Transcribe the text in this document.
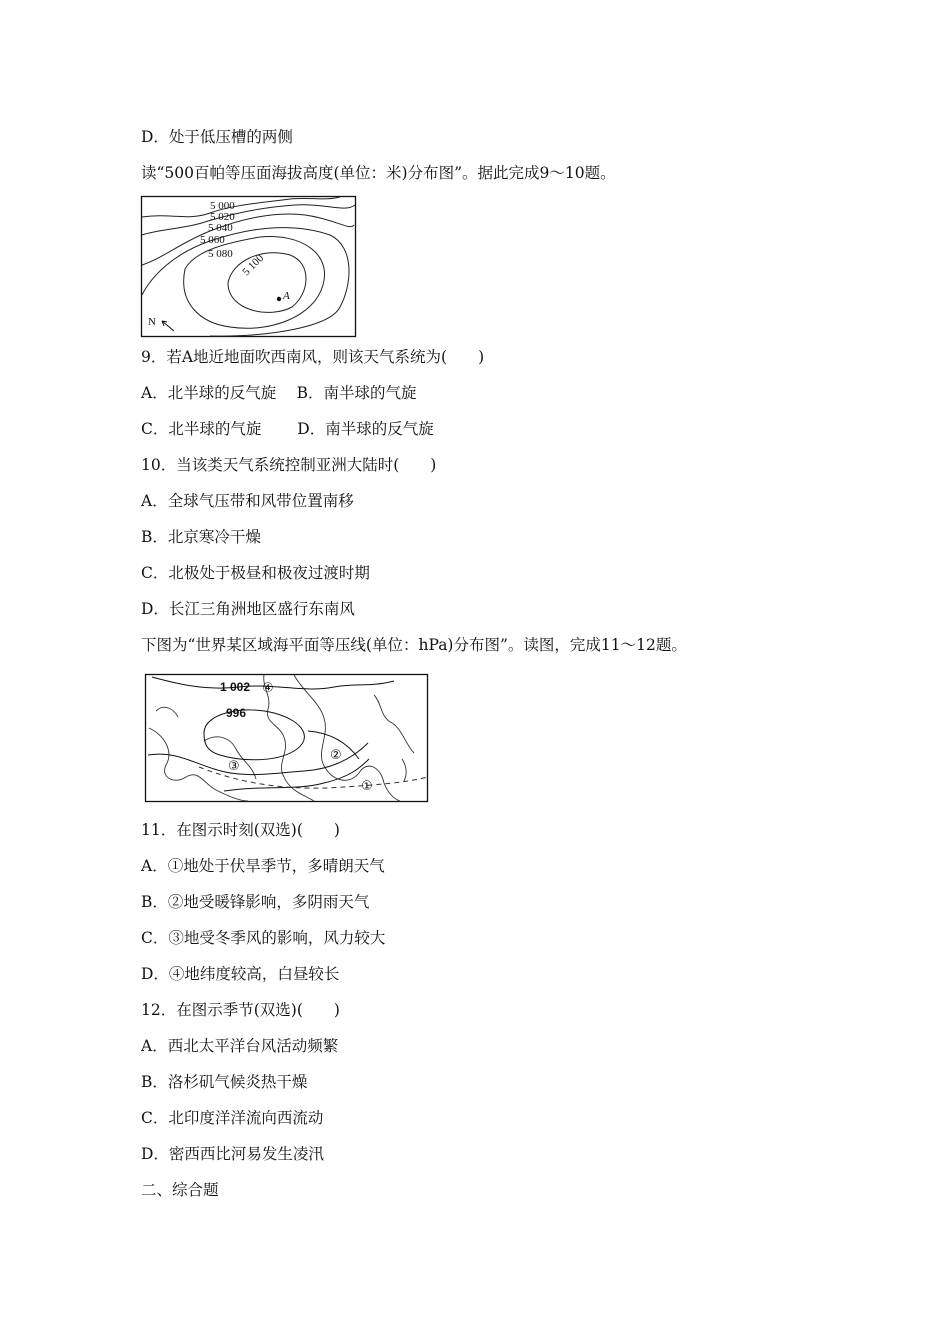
D．处于低压槽的两侧
读“500百帕等压面海拔高度(单位：米)分布图”。据此完成9～10题。
9．若A地近地面吹西南风，则该天气系统为(　　)
A．北半球的反气旋　 B．南半球的气旋
C．北半球的气旋　　 D．南半球的反气旋
10．当该类天气系统控制亚洲大陆时(　　)
A．全球气压带和风带位置南移
B．北京寒冷干燥
C．北极处于极昼和极夜过渡时期
D．长江三角洲地区盛行东南风
下图为“世界某区域海平面等压线(单位：hPa)分布图”。读图，完成11～12题。
11．在图示时刻(双选)(　　)
A．①地处于伏旱季节，多晴朗天气
B．②地受暖锋影响，多阴雨天气
C．③地受冬季风的影响，风力较大
D．④地纬度较高，白昼较长
12．在图示季节(双选)(　　)
A．西北太平洋台风活动频繁
B．洛杉矶气候炎热干燥
C．北印度洋洋流向西流动
D．密西西比河易发生凌汛
二、综合题
5 000
5 020
5 040
5 060
5 080 5 100
A
N
1 002
996
①
②
③
④
